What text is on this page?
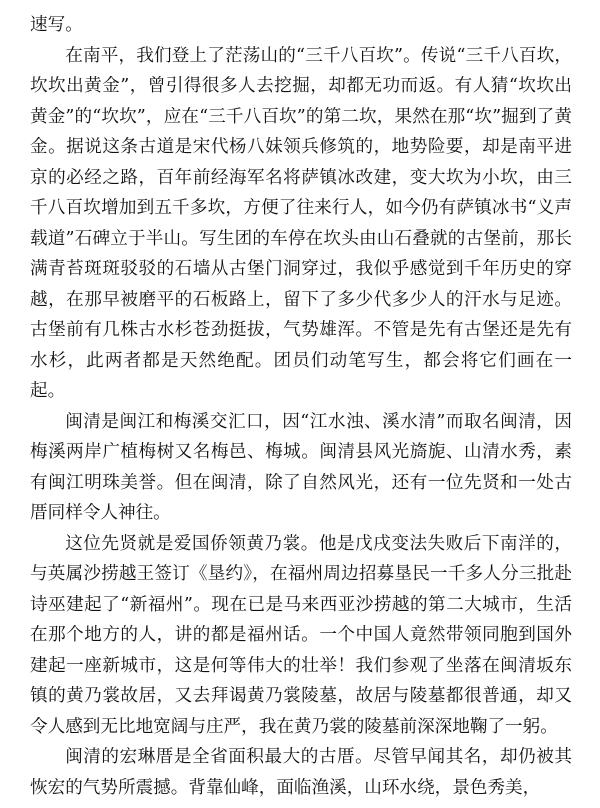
速写。

在南平，我们登上了茫荡山的“三千八百坎”。传说“三千八百坎，坎坎出黄金”，曾引得很多人去挖掘，却都无功而返。有人猜“坎坎出黄金”的“坎坎”，应在“三千八百坎”的第二坎，果然在那“坎”掘到了黄金。据说这条古道是宋代杨八妹领兵修筑的，地势险要，却是南平进京的必经之路，百年前经海军名将萨镇冰改建，变大坎为小坎，由三千八百坎增加到五千多坎，方便了往来行人，如今仍有萨镇冰书“义声载道”石碑立于半山。写生团的车停在坎头由山石叠就的古堡前，那长满青苔斑斑驳驳的石墙从古堡门洞穿过，我似乎感觉到千年历史的穿越，在那早被磨平的石板路上，留下了多少代多少人的汗水与足迹。古堡前有几株古水杉苍劲挺拔，气势雄浑。不管是先有古堡还是先有水杉，此两者都是天然绝配。团员们动笔写生，都会将它们画在一起。

闽清是闽江和梅溪交汇口，因“江水浊、溪水清”而取名闽清，因梅溪两岸广植梅树又名梅邑、梅城。闽清县风光旖旎、山清水秀，素有闽江明珠美誉。但在闽清，除了自然风光，还有一位先贤和一处古厝同样令人神往。

这位先贤就是爱国侨领黄乃裳。他是戊戌变法失败后下南洋的，与英属沙捞越王签订《垦约》，在福州周边招募垦民一千多人分三批赴诗巫建起了“新福州”。现在已是马来西亚沙捞越的第二大城市，生活在那个地方的人，讲的都是福州话。一个中国人竟然带领同胞到国外建起一座新城市，这是何等伟大的壮举！我们参观了坐落在闽清坂东镇的黄乃裳故居，又去拜谒黄乃裳陵墓，故居与陵墓都很普通，却又令人感到无比地宽阔与庄严，我在黄乃裳的陵墓前深深地鞠了一躬。

闽清的宏琳厝是全省面积最大的古厝。尽管早闻其名，却仍被其恢宏的气势所震撼。背靠仙峰，面临渔溪，山环水绕，景色秀美，
